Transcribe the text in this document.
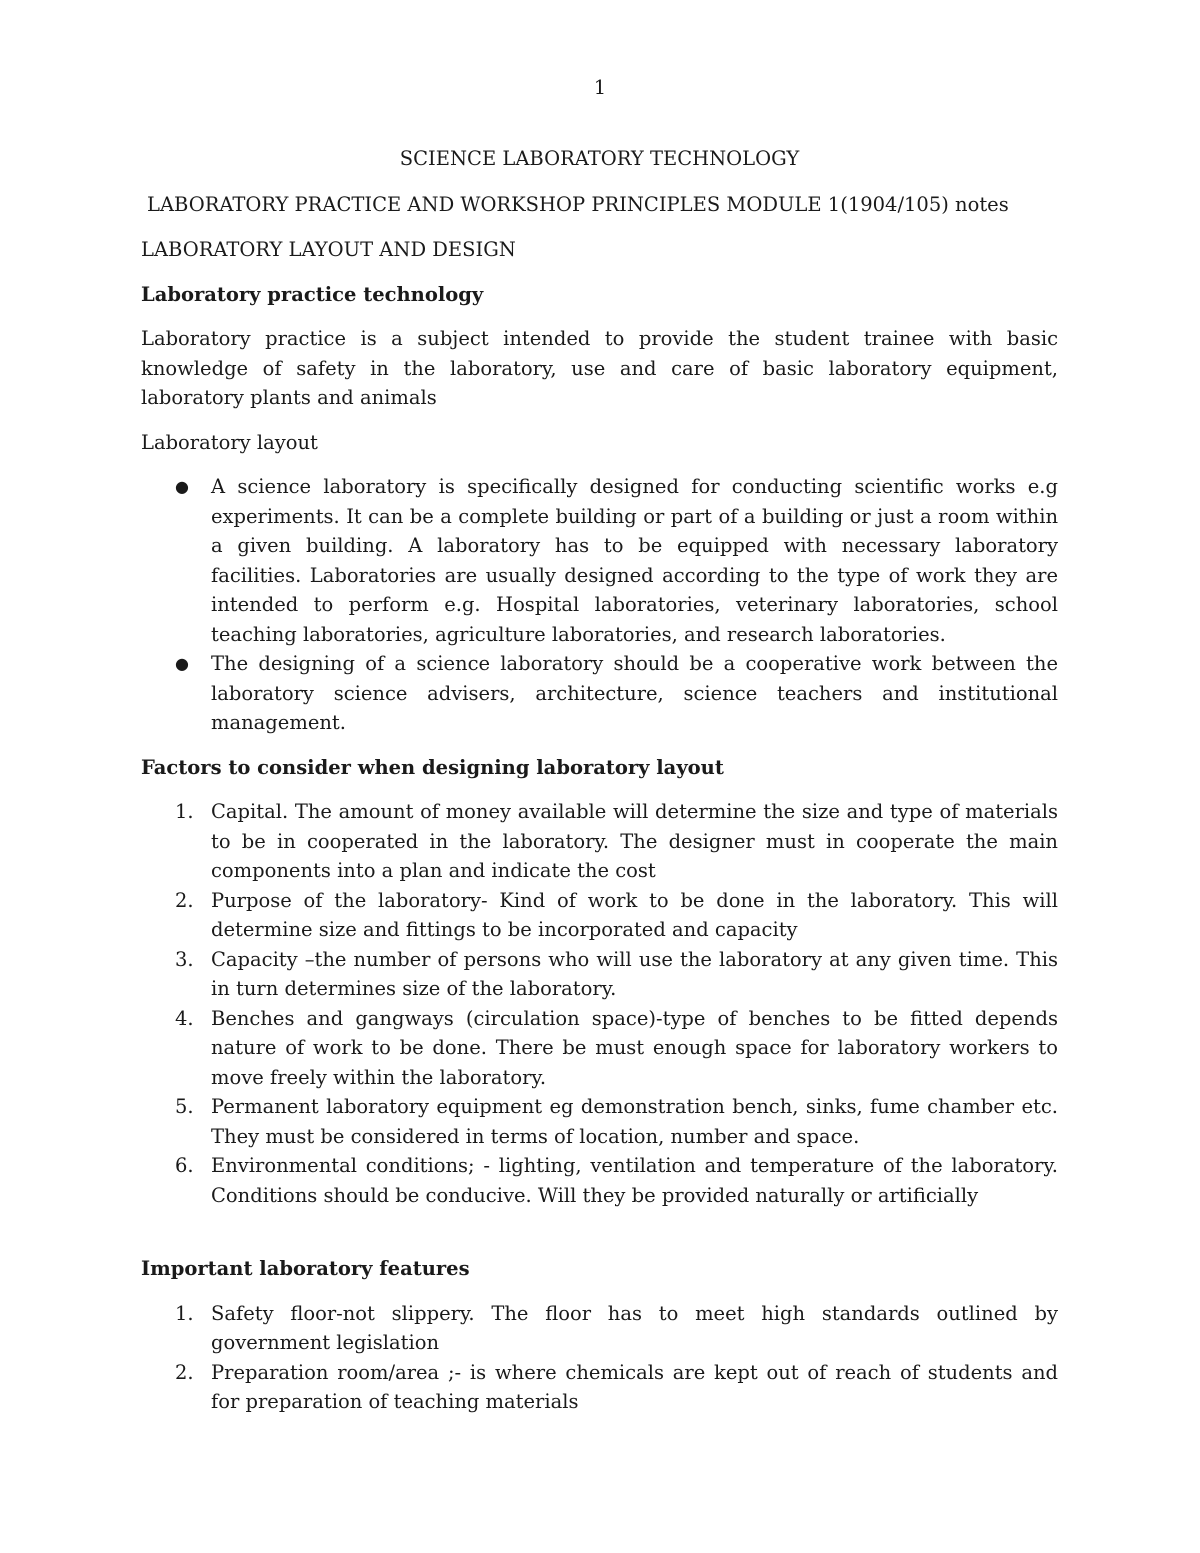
1

SCIENCE LABORATORY TECHNOLOGY

LABORATORY PRACTICE AND WORKSHOP PRINCIPLES MODULE 1(1904/105) notes

LABORATORY LAYOUT AND DESIGN

Laboratory practice technology

Laboratory practice is a subject intended to provide the student trainee with basic knowledge of safety in the laboratory, use and care of basic laboratory equipment, laboratory plants and animals

Laboratory layout

● A science laboratory is specifically designed for conducting scientific works e.g experiments. It can be a complete building or part of a building or just a room within a given building. A laboratory has to be equipped with necessary laboratory facilities. Laboratories are usually designed according to the type of work they are intended to perform e.g. Hospital laboratories, veterinary laboratories, school teaching laboratories, agriculture laboratories, and research laboratories.
● The designing of a science laboratory should be a cooperative work between the laboratory science advisers, architecture, science teachers and institutional management.

Factors to consider when designing laboratory layout

1. Capital. The amount of money available will determine the size and type of materials to be in cooperated in the laboratory. The designer must in cooperate the main components into a plan and indicate the cost
2. Purpose of the laboratory- Kind of work to be done in the laboratory. This will determine size and fittings to be incorporated and capacity
3. Capacity –the number of persons who will use the laboratory at any given time. This in turn determines size of the laboratory.
4. Benches and gangways (circulation space)-type of benches to be fitted depends nature of work to be done. There be must enough space for laboratory workers to move freely within the laboratory.
5. Permanent laboratory equipment eg demonstration bench, sinks, fume chamber etc. They must be considered in terms of location, number and space.
6. Environmental conditions; - lighting, ventilation and temperature of the laboratory. Conditions should be conducive. Will they be provided naturally or artificially

Important laboratory features

1. Safety floor-not slippery. The floor has to meet high standards outlined by government legislation
2. Preparation room/area ;- is where chemicals are kept out of reach of students and for preparation of teaching materials
